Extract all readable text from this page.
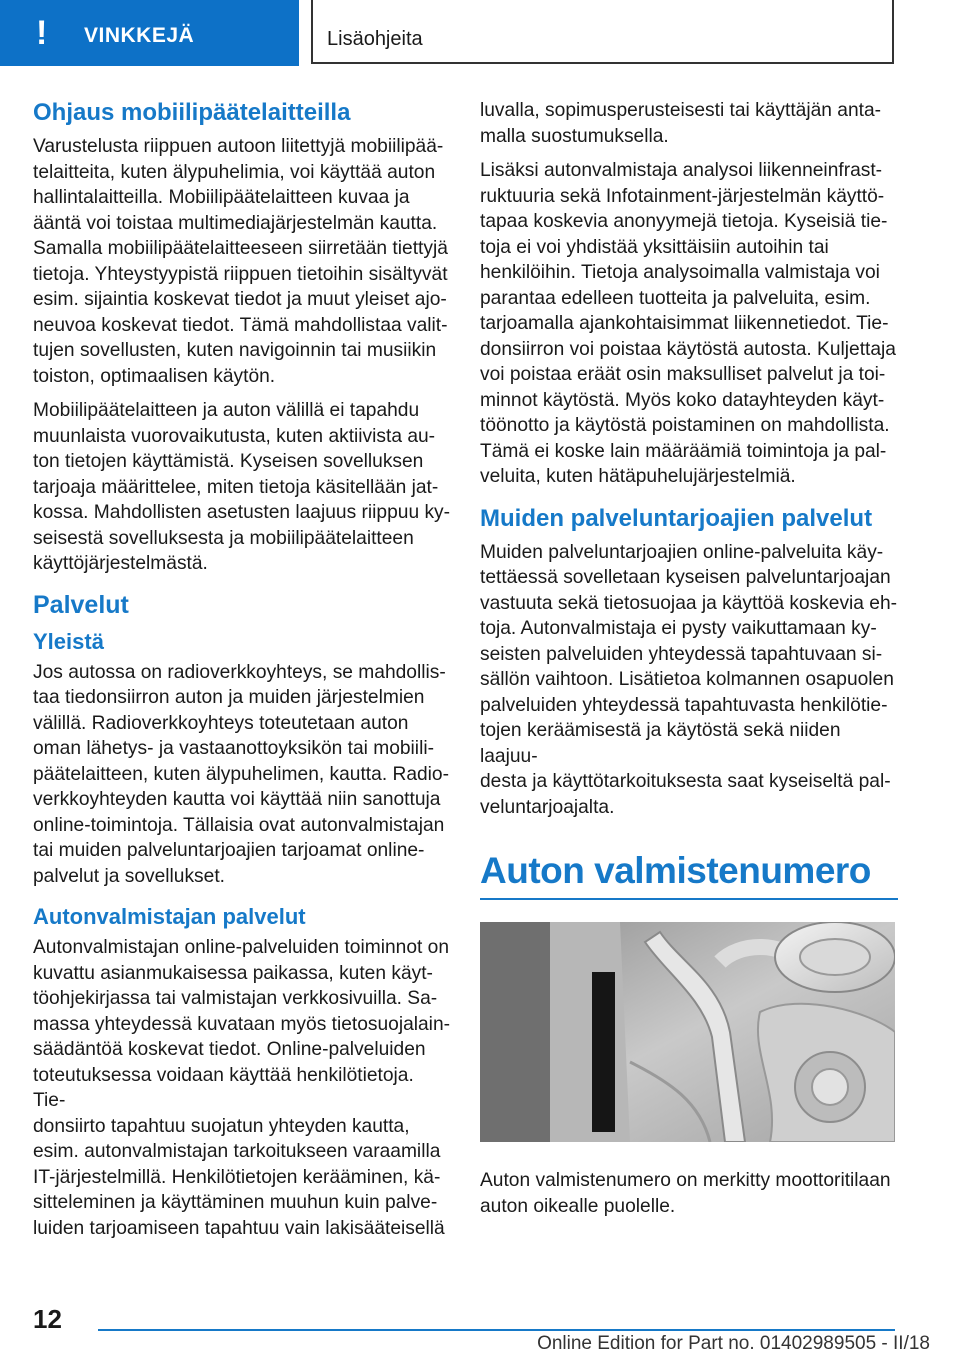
! VINKKEJÄ	Lisäohjeita
Ohjaus mobiilipäätelaitteilla

Varustelusta riippuen autoon liitettyjä mobiilipää-
telaitteita, kuten älypuhelimia, voi käyttää auton
hallintalaitteilla. Mobiilipäätelaitteen kuvaa ja
ääntä voi toistaa multimediajärjestelmän kautta.
Samalla mobiilipäätelaitteeseen siirretään tiettyjä
tietoja. Yhteystyypistä riippuen tietoihin sisältyvät
esim. sijaintia koskevat tiedot ja muut yleiset ajo-
neuvoa koskevat tiedot. Tämä mahdollistaa valit-
tujen sovellusten, kuten navigoinnin tai musiikin
toiston, optimaalisen käytön.

Mobiilipäätelaitteen ja auton välillä ei tapahdu
muunlaista vuorovaikutusta, kuten aktiivista au-
ton tietojen käyttämistä. Kyseisen sovelluksen
tarjoaja määrittelee, miten tietoja käsitellään jat-
kossa. Mahdollisten asetusten laajuus riippuu ky-
seisestä sovelluksesta ja mobiilipäätelaitteen
käyttöjärjestelmästä.

Palvelut
Yleistä

Jos autossa on radioverkkoyhteys, se mahdollis-
taa tiedonsiirron auton ja muiden järjestelmien
välillä. Radioverkkoyhteys toteutetaan auton
oman lähetys- ja vastaanottoyksikön tai mobiili-
päätelaitteen, kuten älypuhelimen, kautta. Radio-
verkkoyhteyden kautta voi käyttää niin sanottuja
online-toimintoja. Tällaisia ovat autonvalmistajan
tai muiden palveluntarjoajien tarjoamat online-
palvelut ja sovellukset.

Autonvalmistajan palvelut

Autonvalmistajan online-palveluiden toiminnot on
kuvattu asianmukaisessa paikassa, kuten käyt-
töohjekirjassa tai valmistajan verkkosivuilla. Sa-
massa yhteydessä kuvataan myös tietosuojalain-
säädäntöä koskevat tiedot. Online-palveluiden
toteutuksessa voidaan käyttää henkilötietoja. Tie-
donsiirto tapahtuu suojatun yhteyden kautta,
esim. autonvalmistajan tarkoitukseen varaamilla
IT-järjestelmillä. Henkilötietojen kerääminen, kä-
sitteleminen ja käyttäminen muuhun kuin palve-
luiden tarjoamiseen tapahtuu vain lakisääteisellä

luvalla, sopimusperusteisesti tai käyttäjän anta-
malla suostumuksella.

Lisäksi autonvalmistaja analysoi liikenneinfrast-
ruktuuria sekä Infotainment-järjestelmän käyttö-
tapaa koskevia anonyymejä tietoja. Kyseisiä tie-
toja ei voi yhdistää yksittäisiin autoihin tai
henkilöihin. Tietoja analysoimalla valmistaja voi
parantaa edelleen tuotteita ja palveluita, esim.
tarjoamalla ajankohtaisimmat liikennetiedot. Tie-
donsiirron voi poistaa käytöstä autosta. Kuljettaja
voi poistaa eräät osin maksulliset palvelut ja toi-
minnot käytöstä. Myös koko datayhteyden käyt-
töönotto ja käytöstä poistaminen on mahdollista.
Tämä ei koske lain määräämiä toimintoja ja pal-
veluita, kuten hätäpuhelujärjestelmiä.

Muiden palveluntarjoajien palvelut

Muiden palveluntarjoajien online-palveluita käy-
tettäessä sovelletaan kyseisen palveluntarjoajan
vastuuta sekä tietosuojaa ja käyttöä koskevia eh-
toja. Autonvalmistaja ei pysty vaikuttamaan ky-
seisten palveluiden yhteydessä tapahtuvaan si-
sällön vaihtoon. Lisätietoa kolmannen osapuolen
palveluiden yhteydessä tapahtuvasta henkilötie-
tojen keräämisestä ja käytöstä sekä niiden laajuu-
desta ja käyttötarkoituksesta saat kyseiseltä pal-
veluntarjoajalta.

Auton valmistenumero

Auton valmistenumero on merkitty moottoritilaan
auton oikealle puolelle.

12
Online Edition for Part no. 01402989505 - II/18
